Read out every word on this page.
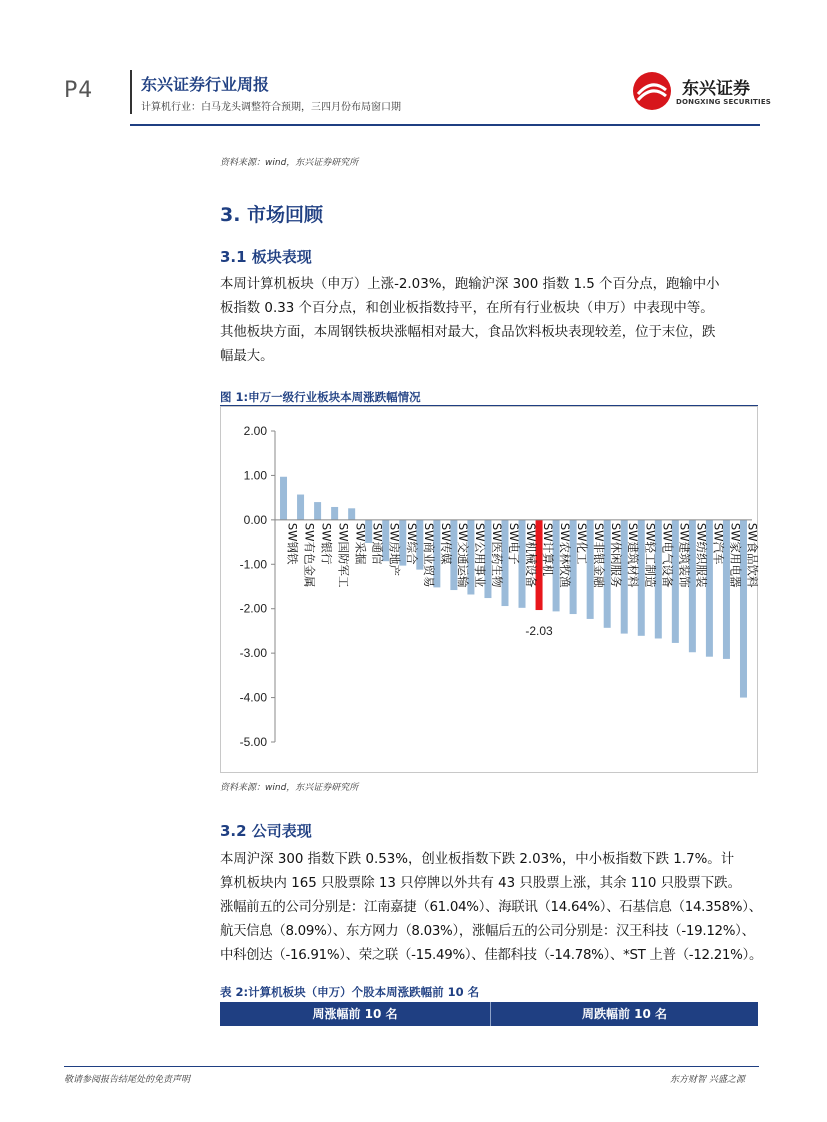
P4	东兴证券行业周报
计算机行业：白马龙头调整符合预期，三四月份布局窗口期
东兴证券
DONGXING SECURITIES
资料来源：wind，东兴证券研究所
3. 市场回顾
3.1 板块表现
本周计算机板块（申万）上涨-2.03%，跑输沪深 300 指数 1.5 个百分点，跑输中小
板指数 0.33 个百分点，和创业板指数持平，在所有行业板块（申万）中表现中等。
其他板块方面，本周钢铁板块涨幅相对最大，食品饮料板块表现较差，位于末位，跌
幅最大。
图 1:申万一级行业板块本周涨跌幅情况
2.00
1.00
0.00
-1.00
-2.00
-3.00
-4.00
-5.00
SW钢铁 SW有色金属 SW银行 SW国防军工 SW采掘 SW通信 SW房地产 SW综合 SW商业贸易 SW传媒 SW交通运输 SW公用事业 SW医药生物 SW电子 SW机械设备 SW计算机 SW农林牧渔 SW化工 SW非银金融 SW休闲服务 SW建筑材料 SW轻工制造 SW电气设备 SW建筑装饰 SW纺织服装 SW汽车 SW家用电器 SW食品饮料
-2.03
资料来源：wind，东兴证券研究所
3.2 公司表现
本周沪深 300 指数下跌 0.53%，创业板指数下跌 2.03%，中小板指数下跌 1.7%。计
算机板块内 165 只股票除 13 只停牌以外共有 43 只股票上涨，其余 110 只股票下跌。
涨幅前五的公司分别是：江南嘉捷（61.04%）、海联讯（14.64%）、石基信息（14.358%）、
航天信息（8.09%）、东方网力（8.03%），涨幅后五的公司分别是：汉王科技（-19.12%）、
中科创达（-16.91%）、荣之联（-15.49%）、佳都科技（-14.78%）、*ST 上普（-12.21%）。
表 2:计算机板块（申万）个股本周涨跌幅前 10 名
周涨幅前 10 名	周跌幅前 10 名
敬请参阅报告结尾处的免责声明	东方财智 兴盛之源
